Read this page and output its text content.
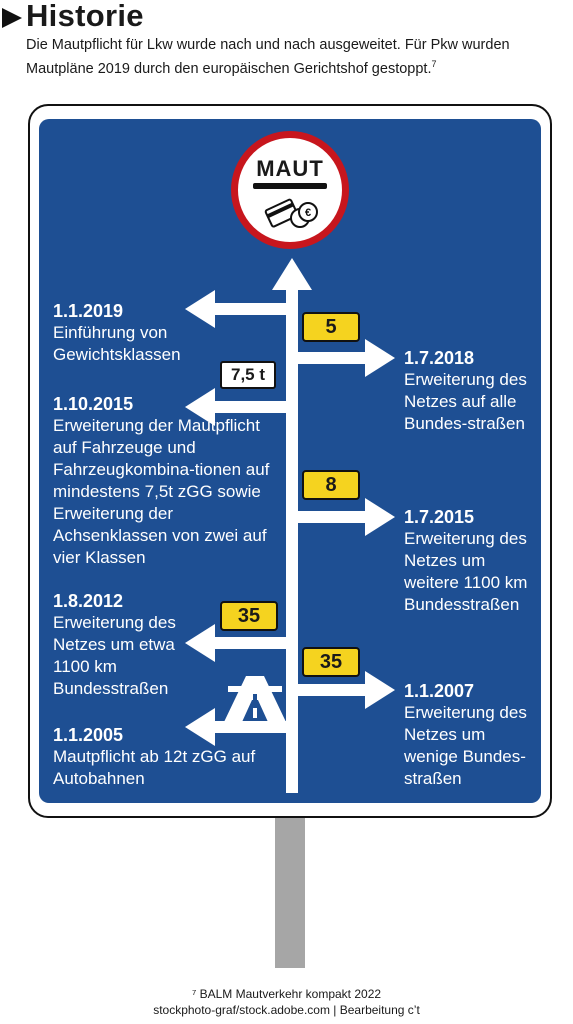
Historie
Die Mautpflicht für Lkw wurde nach und nach ausgeweitet. Für Pkw wurden Mautpläne 2019 durch den europäischen Gerichtshof gestoppt.$^7$
MAUT
€
5
7,5 t
8
35
35
1.1.2019
Einführung von Gewichtsklassen
1.10.2015
Erweiterung der Mautpflicht auf Fahrzeuge und Fahrzeugkombina-tionen auf mindestens 7,5t zGG sowie Erweiterung der Achsenklassen von zwei auf vier Klassen
1.8.2012
Erweiterung des Netzes um etwa 1100 km Bundesstraßen
1.1.2005
Mautpflicht ab 12t zGG auf Autobahnen
1.7.2018
Erweiterung des Netzes auf alle Bundes-straßen
1.7.2015
Erweiterung des Netzes um weitere 1100 km Bundesstraßen
1.1.2007
Erweiterung des Netzes um wenige Bundes-straßen
⁷ BALM Mautverkehr kompakt 2022
stockphoto-graf/stock.adobe.com | Bearbeitung c’t
